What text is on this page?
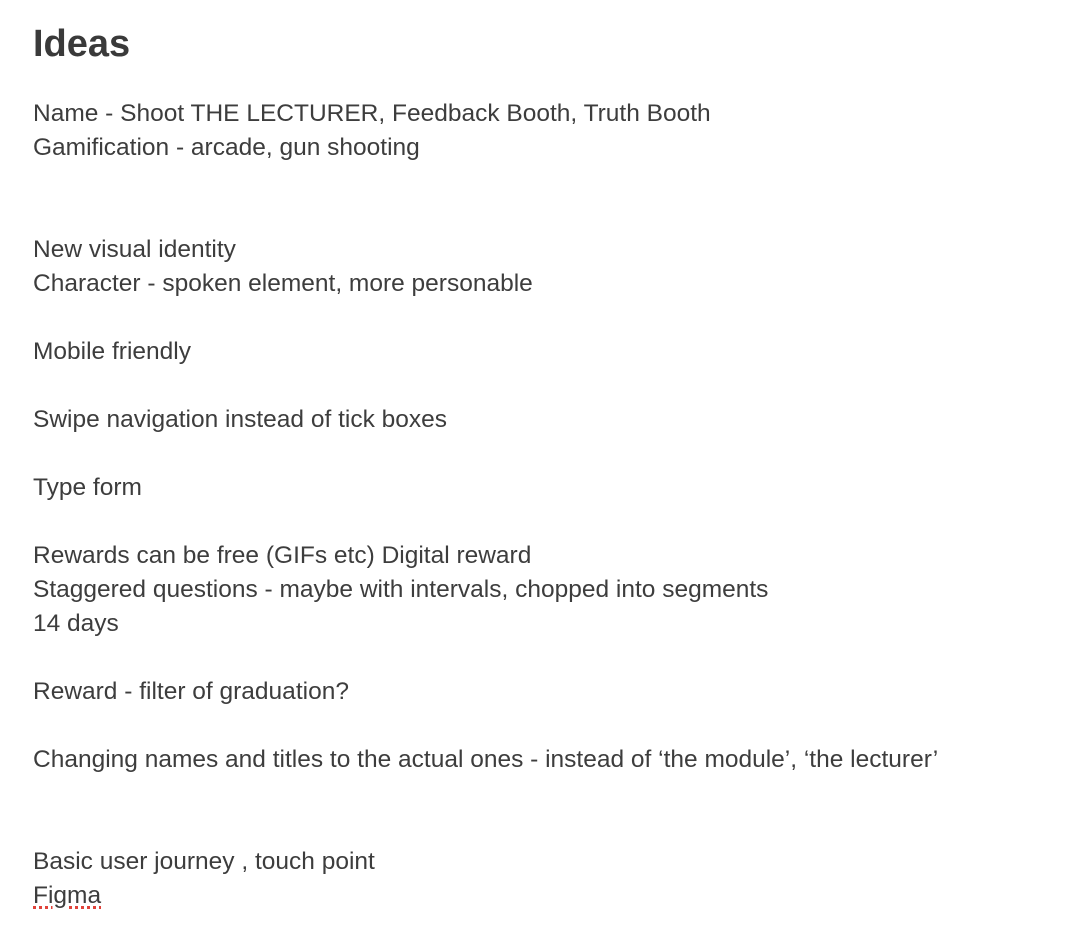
Ideas
Name - Shoot THE LECTURER, Feedback Booth, Truth Booth
Gamification - arcade, gun shooting
New visual identity
Character - spoken element, more personable
Mobile friendly
Swipe navigation instead of tick boxes
Type form
Rewards can be free (GIFs etc) Digital reward
Staggered questions - maybe with intervals, chopped into segments
14 days
Reward - filter of graduation?
Changing names and titles to the actual ones - instead of ‘the module’, ‘the lecturer’
Basic user journey , touch point
Figma
